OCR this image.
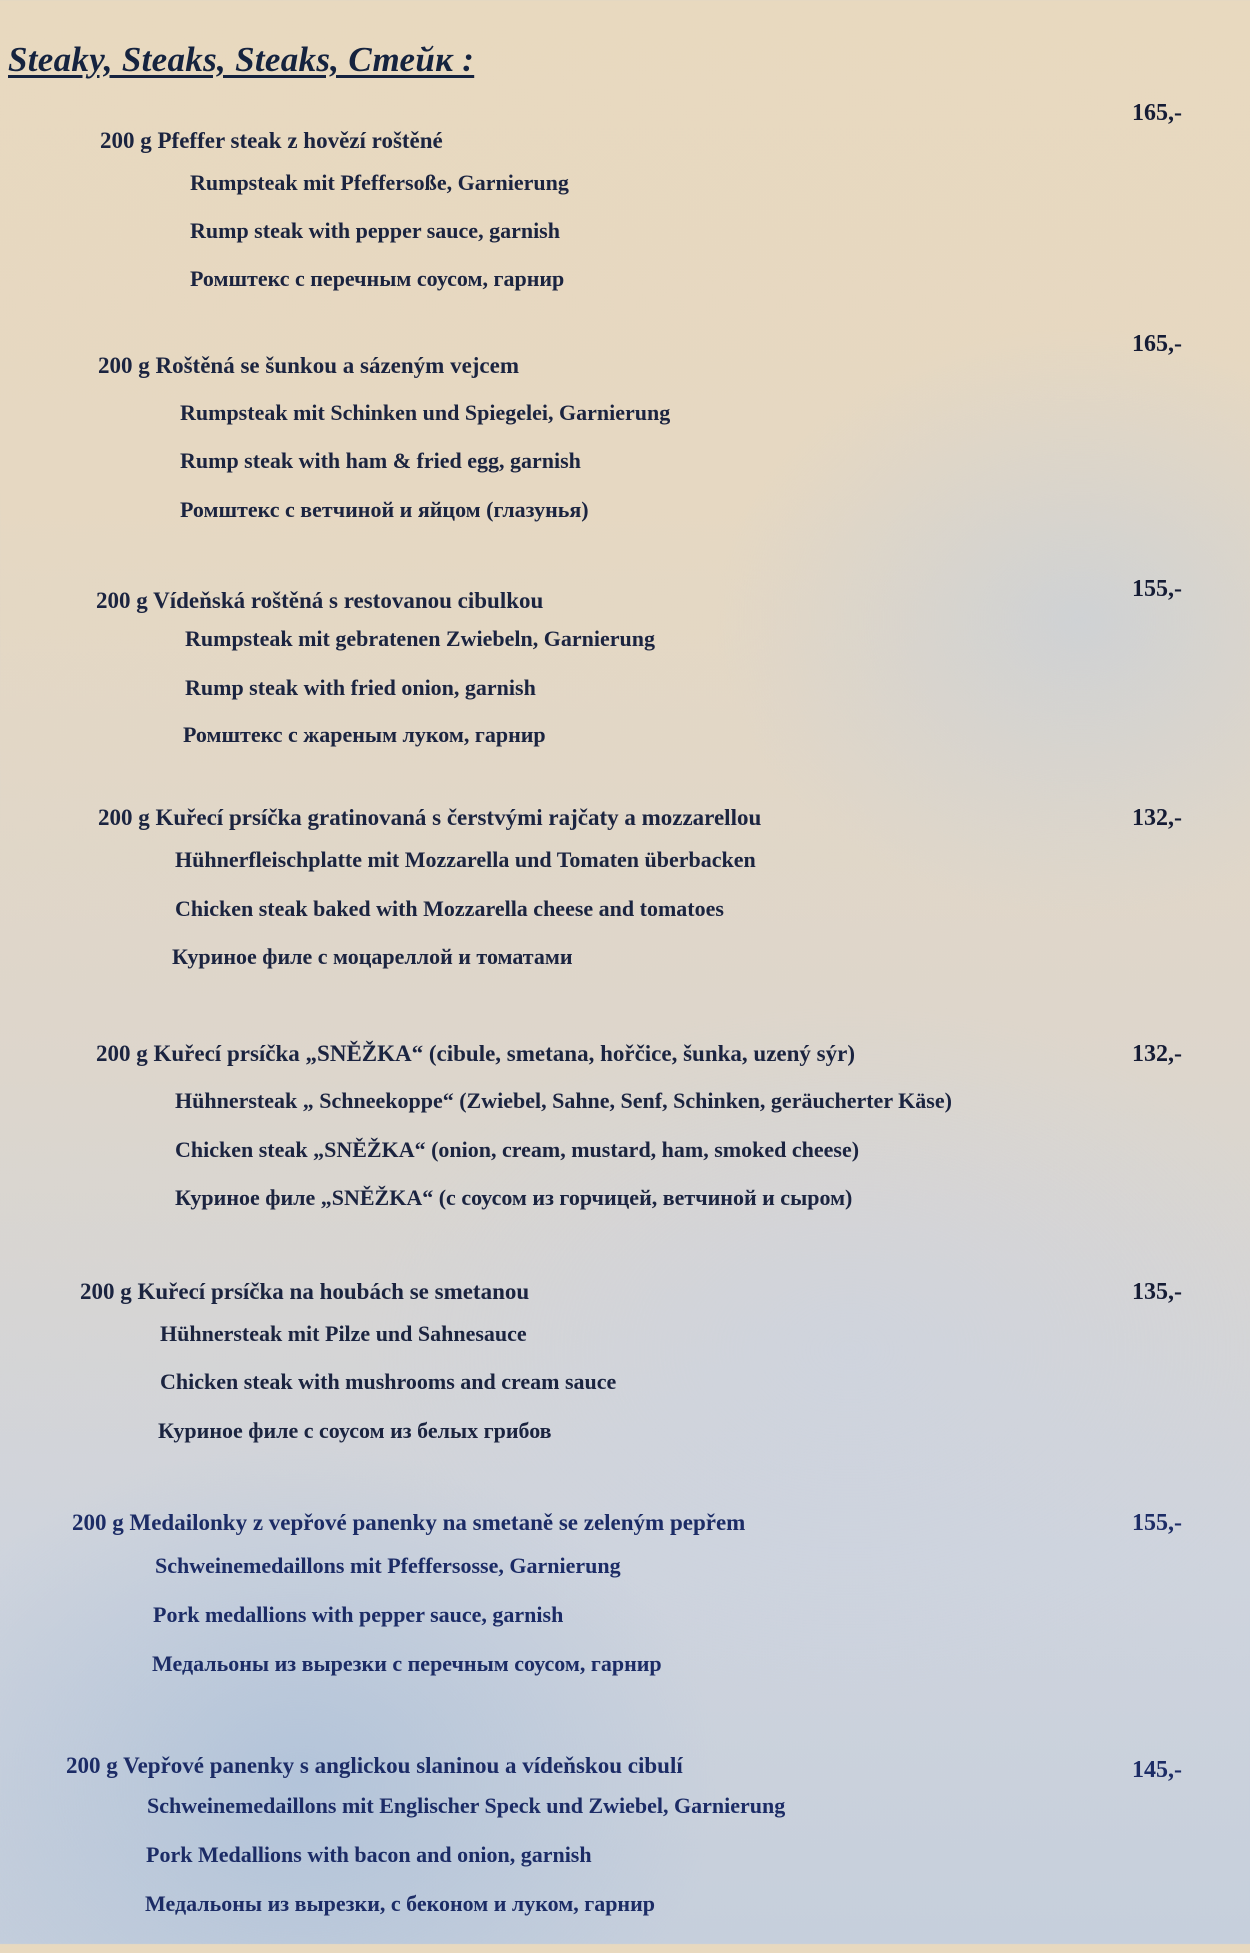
Steaky, Steaks, Steaks, Стейк :
200 g Pfeffer steak z hovězí roštěné
Rumpsteak mit Pfeffersoße, Garnierung
Rump steak with pepper sauce, garnish
Ромштекс с перечным соусом, гарнир
165,-
200 g Roštěná se šunkou a sázeným vejcem
Rumpsteak mit Schinken und Spiegelei, Garnierung
Rump steak with ham & fried egg, garnish
Ромштекс с ветчиной и яйцом (глазунья)
165,-
200 g Vídeňská roštěná s restovanou cibulkou
Rumpsteak mit gebratenen Zwiebeln, Garnierung
Rump steak with fried onion, garnish
Ромштекс с жареным луком, гарнир
155,-
200 g Kuřecí prsíčka gratinovaná s čerstvými rajčaty a mozzarellou
Hühnerfleischplatte mit Mozzarella und Tomaten überbacken
Chicken steak baked with Mozzarella cheese and tomatoes
Куриное филе с моцареллой и томатами
132,-
200 g Kuřecí prsíčka „SNĚŽKA“ (cibule, smetana, hořčice, šunka, uzený sýr)
Hühnersteak „ Schneekoppe“ (Zwiebel, Sahne, Senf, Schinken, geräucherter Käse)
Chicken steak „SNĚŽKA“ (onion, cream, mustard, ham, smoked cheese)
Куриное филе „SNĚŽKA“ (с соусом из горчицей, ветчиной и сыром)
132,-
200 g Kuřecí prsíčka na houbách se smetanou
Hühnersteak mit Pilze und Sahnesauce
Chicken steak with mushrooms and cream sauce
Куриное филе с соусом из белых грибов
135,-
200 g Medailonky z vepřové panenky na smetaně se zeleným pepřem
Schweinemedaillons mit Pfeffersosse, Garnierung
Pork medallions with pepper sauce, garnish
Медальоны из вырезки с перечным соусом, гарнир
155,-
200 g Vepřové panenky s anglickou slaninou a vídeňskou cibulí
Schweinemedaillons mit Englischer Speck und Zwiebel, Garnierung
Pork Medallions with bacon and onion, garnish
Медальоны из вырезки, с беконом и луком, гарнир
145,-
